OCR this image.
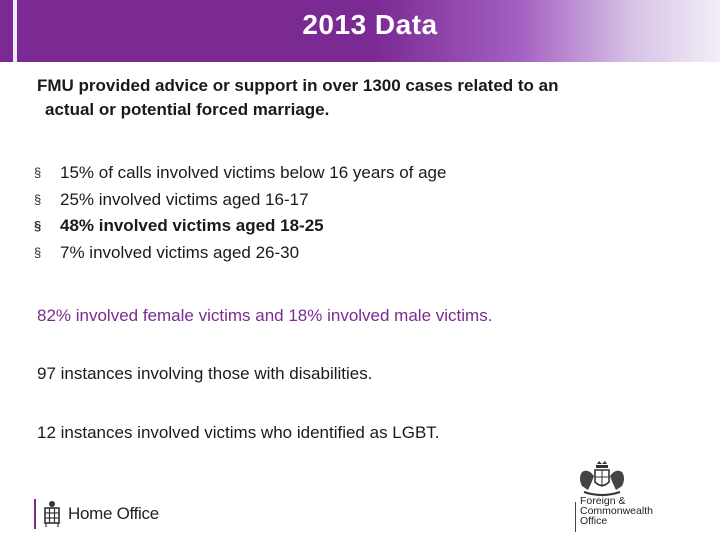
2013 Data
FMU provided advice or support in over 1300 cases related to an
actual or potential forced marriage.
§ 15% of calls involved victims below 16 years of age
§ 25% involved victims aged 16-17
§ 48% involved victims aged 18-25
§ 7% involved victims aged 26-30
82% involved female victims and 18% involved male victims.
97 instances involving those with disabilities.
12 instances involved victims who identified as LGBT.
Home Office
Foreign &
Commonwealth
Office
